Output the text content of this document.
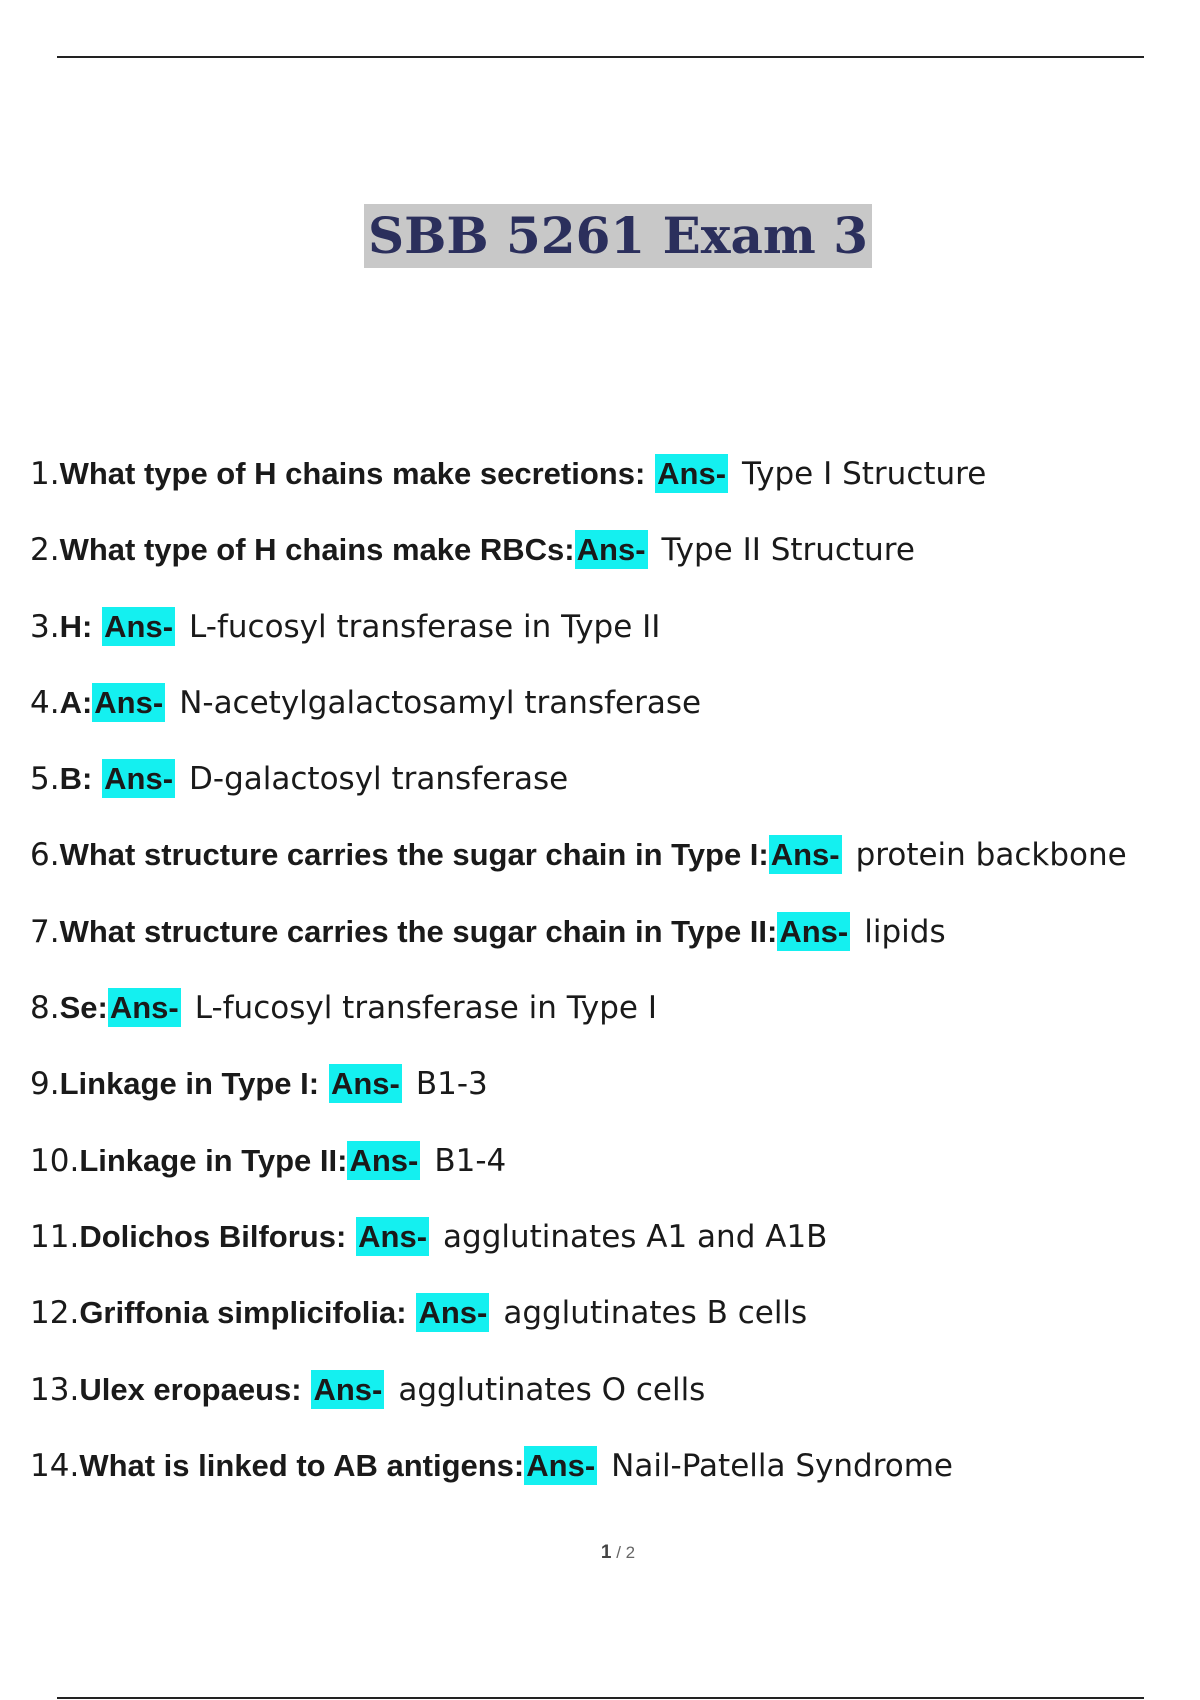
SBB 5261 Exam 3
1.What type of H chains make secretions: Ans- Type I Structure
2.What type of H chains make RBCs:Ans- Type II Structure
3.H: Ans- L-fucosyl transferase in Type II
4.A:Ans- N-acetylgalactosamyl transferase
5.B: Ans- D-galactosyl transferase
6.What structure carries the sugar chain in Type I:Ans- protein backbone
7.What structure carries the sugar chain in Type II:Ans- lipids
8.Se:Ans- L-fucosyl transferase in Type I
9.Linkage in Type I: Ans- B1-3
10.Linkage in Type II:Ans- B1-4
11.Dolichos Bilforus: Ans- agglutinates A1 and A1B
12.Griffonia simplicifolia: Ans- agglutinates B cells
13.Ulex eropaeus: Ans- agglutinates O cells
14.What is linked to AB antigens:Ans- Nail-Patella Syndrome
1 / 2
